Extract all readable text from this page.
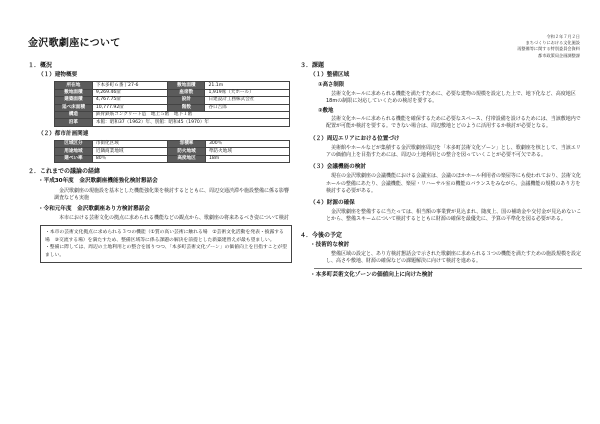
金沢歌劇座について
令和２年７月２日
まちづくりにおける文化施設
再整備等に関する特別委員会資料
都市政策局企画調整課
１．概況
（１）建物概要
所在地	下本多町６番丁27-6	敷地面積	21.1m
敷地面積	9,269.46㎡	座席数	1,919席（大ホール）
建築面積	4,767.75㎡	設計	日建設計工務株式会社
延べ床面積	10,777.92㎡	階数	谷口吉郎
構造	鉄骨鉄筋コンクリート造　地上５階　地下１階		
沿革	本館：昭和37（1962）年、別館：昭和45（1970）年		
（２）都市計画関連
区域区分	市街化区域	容積率	300％
用途地域	近隣商業地域	防火地域	準防火地域
建ぺい率	80％	高度地区	18m
２．これまでの議論の経緯
・平成30年度　金沢歌劇座機能強化検討懇話会
金沢歌劇座の現施設を基本とした機能強化策を検討するとともに、周辺交通渋滞や施設整備に係る影響調査なども実施
・令和元年度　金沢歌劇座あり方検討懇話会
本市における芸術文化の拠点に求められる機能などの観点から、歌劇座の将来あるべき姿について検討
・本市の芸術文化拠点に求められる３つの機能（①質の高い芸術に触れる場　②芸術文化活動を発表・披露する場　③交流する場）を満たすため、整備区域等に係る課題の解決を前提とした新築建替えが最も望ましい。
・整備に際しては、周辺の土地利用との整合を図りつつ、「本多町芸術文化ゾーン」の価値向上を目指すことが望ましい。
３．課題
（１）整備区域
①高さ制限
芸術文化ホールに求められる機能を満たすために、必要な建物の規模を設定した上で、地下化など、高度地区18mの制限に対応していくための検討を要する。
②敷地
芸術文化ホールに求められる機能を確保するために必要なスペース、付帯設備を設けるためには、当該敷地内で配置が可能か検討を要する。できない場合は、周辺敷地とどのように活用するか検討が必要となる。
（２）周辺エリアにおける位置づけ
美術館やホールなどが集積する金沢歌劇座周辺を「本多町芸術文化ゾーン」とし、歌劇座を核として、当該エリアの価値向上を目指すためには、周辺の土地利用との整合を図っていくことが必要不可欠である。
（３）会議機能の検討
現在の金沢歌劇座の会議機能における会議室は、会議のほかホール利用者の楽屋等にも使われており、芸術文化ホールの整備にあたり、会議機能、楽屋・リハーサル室の機能のバランスをみながら、会議機能の規模のあり方を検討する必要がある。
（４）財源の確保
金沢歌劇座を整備するに当たっては、相当額の事業費が見込まれ、随度上、国の補助金や交付金が見込めないことから、整備スキームについて検討するとともに財源の確保を最優先に、予算の平準化を図る必要がある。
４．今後の予定
・技術的な検討
整備区域の設定と、あり方検討懇話会で示された歌劇座に求められる３つの機能を満たすための施設規模を設定し、高さや敷地、財源の確保などの課題解決に向けて検討を進める。
・本多町芸術文化ゾーンの価値向上に向けた検討
